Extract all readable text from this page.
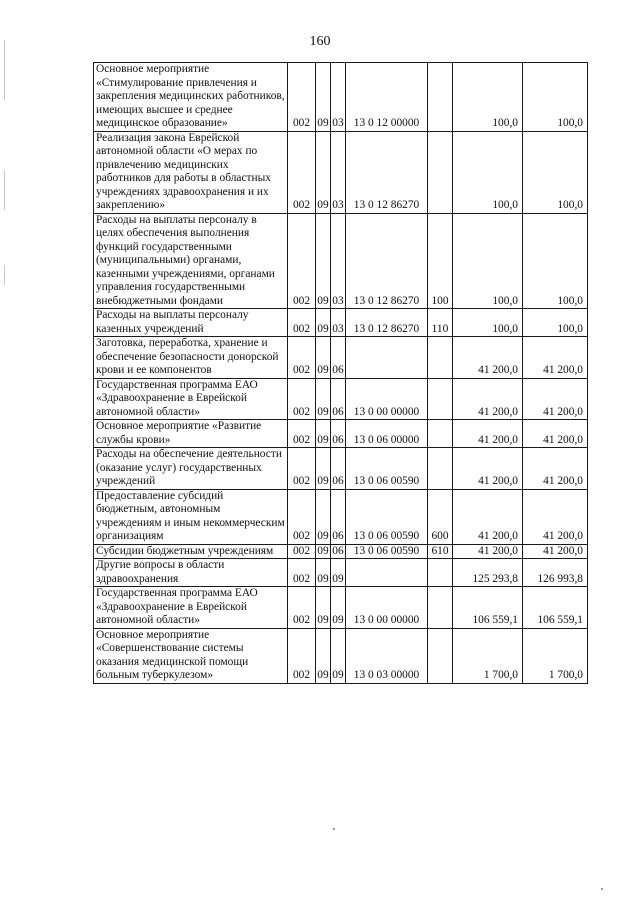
160
Основное мероприятие «Стимулирование привлечения и закрепления медицинских работников, имеющих высшее и среднее медицинское образование»	002	09	03	13 0 12 00000		100,0	100,0
Реализация закона Еврейской автономной области «О мерах по привлечению медицинских работников для работы в областных учреждениях здравоохранения и их закреплению»	002	09	03	13 0 12 86270		100,0	100,0
Расходы на выплаты персоналу в целях обеспечения выполнения функций государственными (муниципальными) органами, казенными учреждениями, органами управления государственными внебюджетными фондами	002	09	03	13 0 12 86270	100	100,0	100,0
Расходы на выплаты персоналу казенных учреждений	002	09	03	13 0 12 86270	110	100,0	100,0
Заготовка, переработка, хранение и обеспечение безопасности донорской крови и ее компонентов	002	09	06			41 200,0	41 200,0
Государственная программа ЕАО «Здравоохранение в Еврейской автономной области»	002	09	06	13 0 00 00000		41 200,0	41 200,0
Основное мероприятие «Развитие службы крови»	002	09	06	13 0 06 00000		41 200,0	41 200,0
Расходы на обеспечение деятельности (оказание услуг) государственных учреждений	002	09	06	13 0 06 00590		41 200,0	41 200,0
Предоставление субсидий бюджетным, автономным учреждениям и иным некоммерческим организациям	002	09	06	13 0 06 00590	600	41 200,0	41 200,0
Субсидии бюджетным учреждениям	002	09	06	13 0 06 00590	610	41 200,0	41 200,0
Другие вопросы в области здравоохранения	002	09	09			125 293,8	126 993,8
Государственная программа ЕАО «Здравоохранение в Еврейской автономной области»	002	09	09	13 0 00 00000		106 559,1	106 559,1
Основное мероприятие «Совершенствование системы оказания медицинской помощи больным туберкулезом»	002	09	09	13 0 03 00000		1 700,0	1 700,0
